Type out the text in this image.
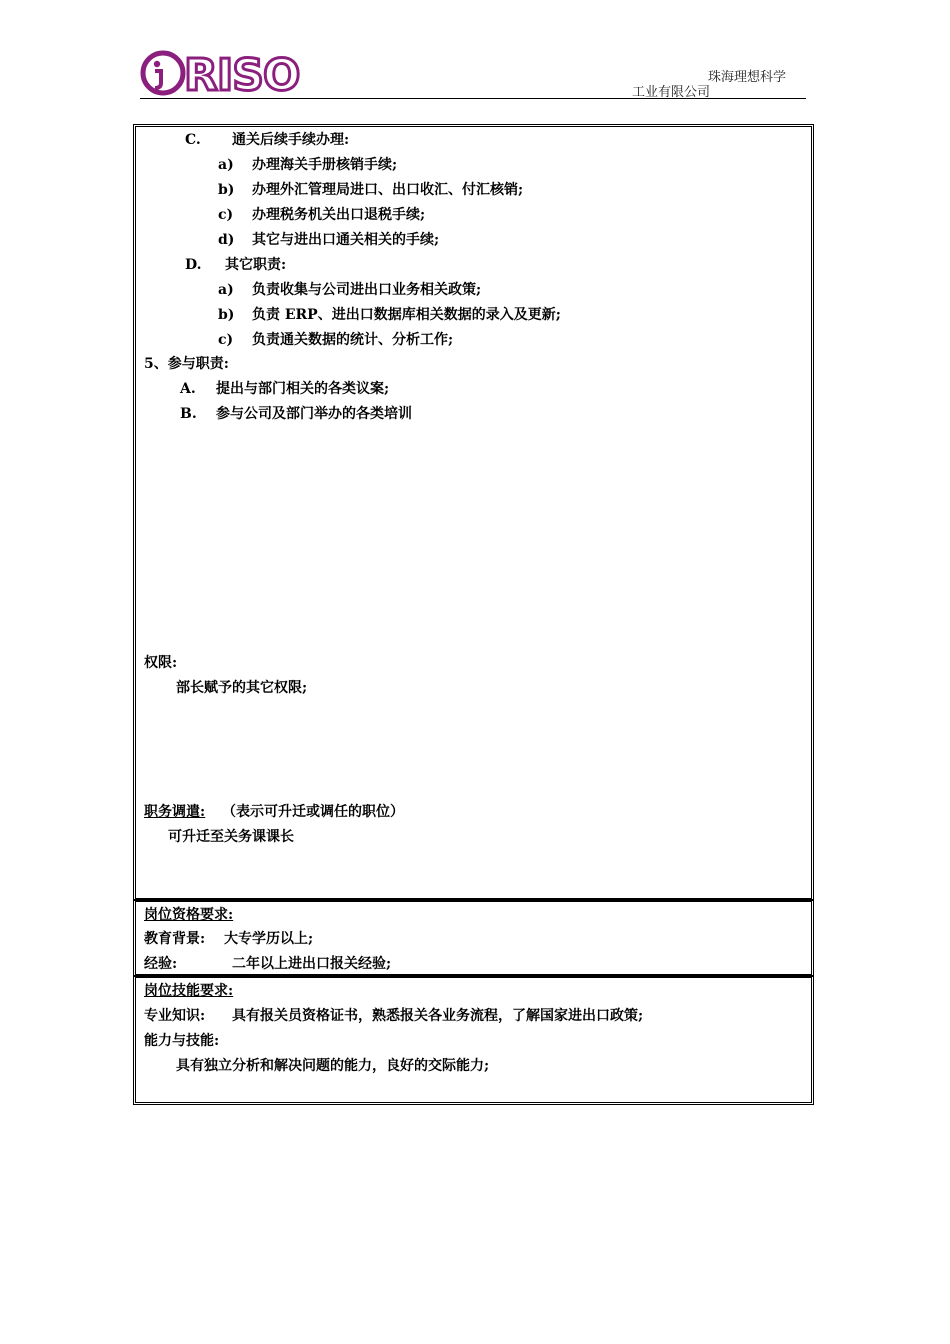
RISO	珠海理想科学
工业有限公司
C. 通关后续手续办理:
a) 办理海关手册核销手续;
b) 办理外汇管理局进口、出口收汇、付汇核销;
c) 办理税务机关出口退税手续;
d) 其它与进出口通关相关的手续;
D. 其它职责:
a) 负责收集与公司进出口业务相关政策;
b) 负责 ERP、进出口数据库相关数据的录入及更新;
c) 负责通关数据的统计、分析工作;
5、参与职责:
A. 提出与部门相关的各类议案;
B. 参与公司及部门举办的各类培训
权限:
部长赋予的其它权限;
职务调遣: （表示可升迁或调任的职位）
可升迁至关务课课长
岗位资格要求:
教育背景: 大专学历以上;
经验:	二年以上进出口报关经验;
岗位技能要求:
专业知识: 具有报关员资格证书，熟悉报关各业务流程，了解国家进出口政策;
能力与技能:
具有独立分析和解决问题的能力，良好的交际能力;
